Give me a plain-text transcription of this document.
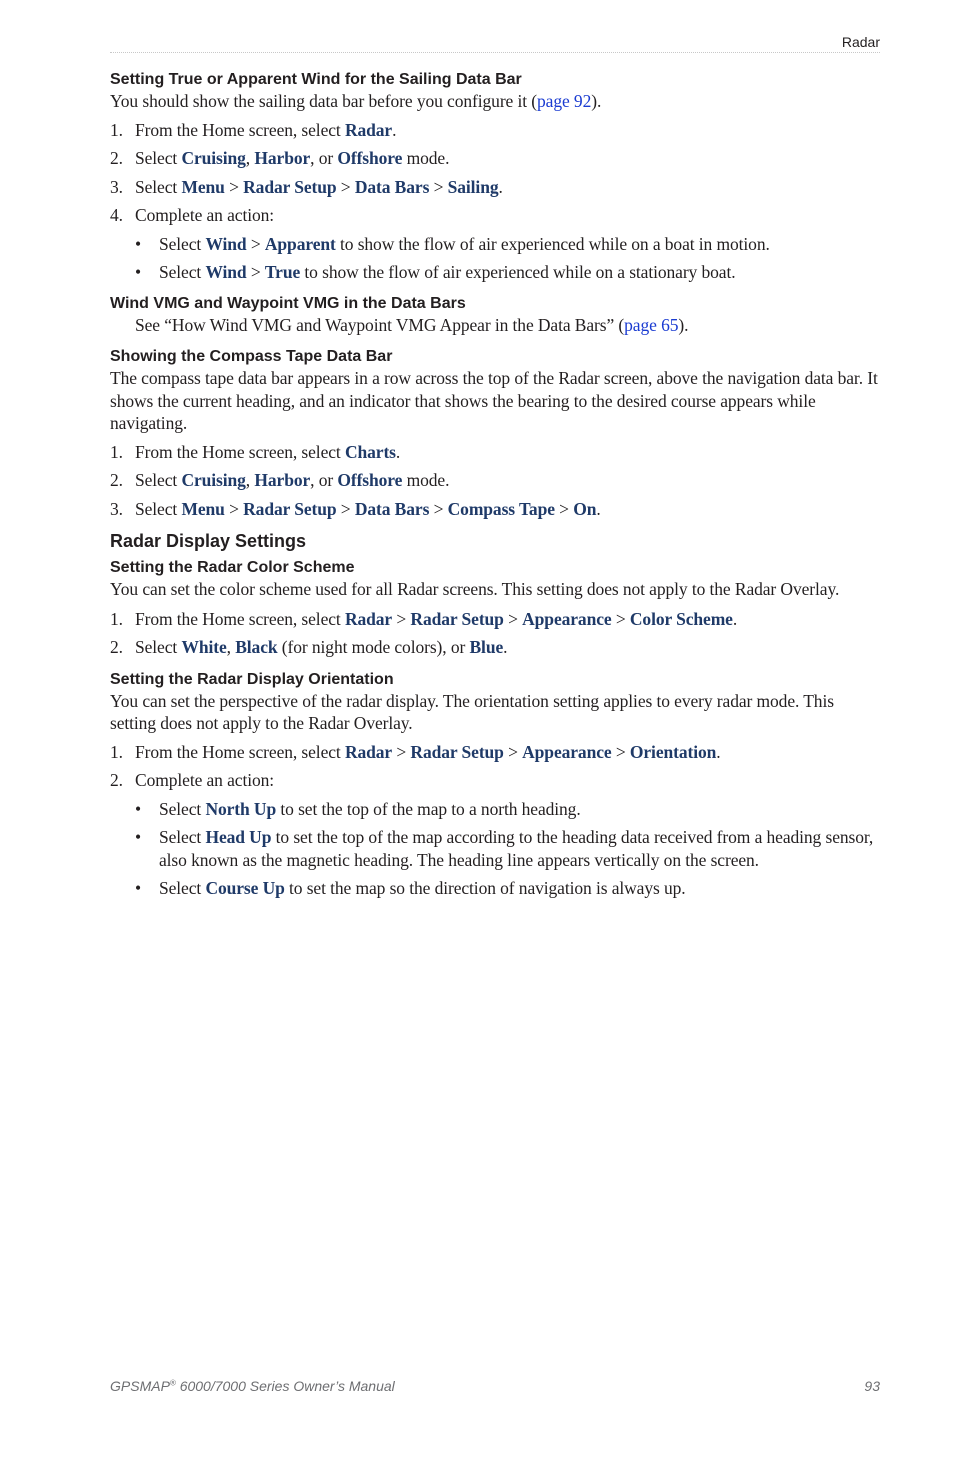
Radar
Setting True or Apparent Wind for the Sailing Data Bar

You should show the sailing data bar before you configure it (page 92).

1. From the Home screen, select Radar.
2. Select Cruising, Harbor, or Offshore mode.
3. Select Menu > Radar Setup > Data Bars > Sailing.
4. Complete an action:
• Select Wind > Apparent to show the flow of air experienced while on a boat in motion.
• Select Wind > True to show the flow of air experienced while on a stationary boat.
Wind VMG and Waypoint VMG in the Data Bars

See “How Wind VMG and Waypoint VMG Appear in the Data Bars” (page 65).

Showing the Compass Tape Data Bar

The compass tape data bar appears in a row across the top of the Radar screen, above the navigation data bar. It shows the current heading, and an indicator that shows the bearing to the desired course appears while navigating.

1. From the Home screen, select Charts.
2. Select Cruising, Harbor, or Offshore mode.
3. Select Menu > Radar Setup > Data Bars > Compass Tape > On.
Radar Display Settings
Setting the Radar Color Scheme

You can set the color scheme used for all Radar screens. This setting does not apply to the Radar Overlay.

1. From the Home screen, select Radar > Radar Setup > Appearance > Color Scheme.
2. Select White, Black (for night mode colors), or Blue.
Setting the Radar Display Orientation

You can set the perspective of the radar display. The orientation setting applies to every radar mode. This setting does not apply to the Radar Overlay.

1. From the Home screen, select Radar > Radar Setup > Appearance > Orientation.
2. Complete an action:
• Select North Up to set the top of the map to a north heading.
• Select Head Up to set the top of the map according to the heading data received from a heading sensor, also known as the magnetic heading. The heading line appears vertically on the screen.
• Select Course Up to set the map so the direction of navigation is always up.
GPSMAP® 6000/7000 Series Owner’s Manual	93
